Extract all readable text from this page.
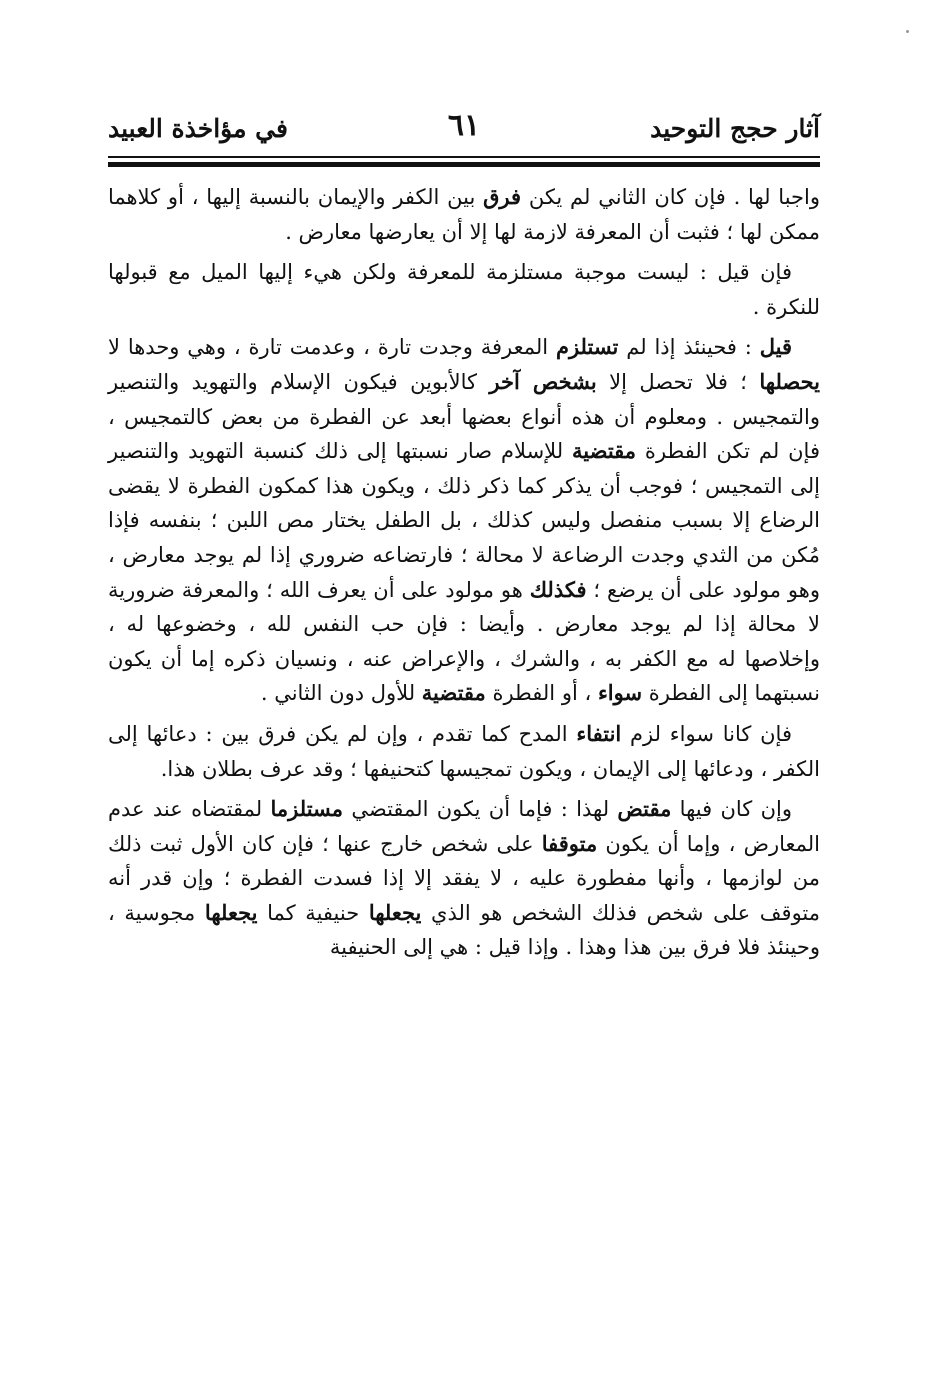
آثار حجج التوحيد
٦١
في مؤاخذة العبيد

واجبا لها . فإن كان الثاني لم يكن فرق بين الكفر والإيمان بالنسبة إليها ، أو كلاهما ممكن لها ؛ فثبت أن المعرفة لازمة لها إلا أن يعارضها معارض .

فإن قيل : ليست موجبة مستلزمة للمعرفة ولكن هيء إليها الميل مع قبولها للنكرة .

قيل : فحينئذ إذا لم تستلزم المعرفة وجدت تارة ، وعدمت تارة ، وهي وحدها لا يحصلها ؛ فلا تحصل إلا بشخص آخر كالأبوين فيكون الإسلام والتهويد والتنصير والتمجيس . ومعلوم أن هذه أنواع بعضها أبعد عن الفطرة من بعض كالتمجيس ، فإن لم تكن الفطرة مقتضية للإسلام صار نسبتها إلى ذلك كنسبة التهويد والتنصير إلى التمجيس ؛ فوجب أن يذكر كما ذكر ذلك ، ويكون هذا كمكون الفطرة لا يقضى الرضاع إلا بسبب منفصل وليس كذلك ، بل الطفل يختار مص اللبن ؛ بنفسه فإذا مُكن من الثدي وجدت الرضاعة لا محالة ؛ فارتضاعه ضروري إذا لم يوجد معارض ، وهو مولود على أن يرضع ؛ فكذلك هو مولود على أن يعرف الله ؛ والمعرفة ضرورية لا محالة إذا لم يوجد معارض . وأيضا : فإن حب النفس لله ، وخضوعها له ، وإخلاصها له مع الكفر به ، والشرك ، والإعراض عنه ، ونسيان ذكره إما أن يكون نسبتهما إلى الفطرة سواء ، أو الفطرة مقتضية للأول دون الثاني .

فإن كانا سواء لزم انتفاء المدح كما تقدم ، وإن لم يكن فرق بين : دعائها إلى الكفر ، ودعائها إلى الإيمان ، ويكون تمجيسها كتحنيفها ؛ وقد عرف بطلان هذا.

وإن كان فيها مقتض لهذا : فإما أن يكون المقتضي مستلزما لمقتضاه عند عدم المعارض ، وإما أن يكون متوقفا على شخص خارج عنها ؛ فإن كان الأول ثبت ذلك من لوازمها ، وأنها مفطورة عليه ، لا يفقد إلا إذا فسدت الفطرة ؛ وإن قدر أنه متوقف على شخص فذلك الشخص هو الذي يجعلها حنيفية كما يجعلها مجوسية ، وحينئذ فلا فرق بين هذا وهذا . وإذا قيل : هي إلى الحنيفية
